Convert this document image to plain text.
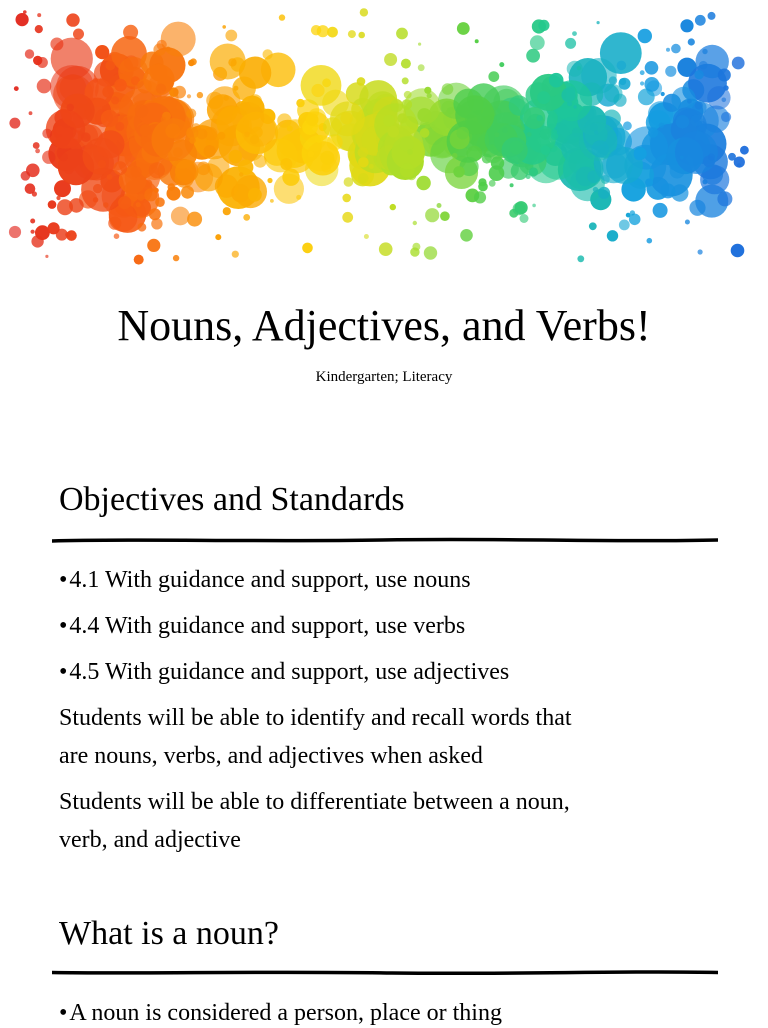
Nouns, Adjectives, and Verbs!

Kindergarten; Literacy

Objectives and Standards

•4.1 With guidance and support, use nouns

•4.4 With guidance and support, use verbs

•4.5 With guidance and support, use adjectives

Students will be able to identify and recall words that

are nouns, verbs, and adjectives when asked

Students will be able to differentiate between a noun,

verb, and adjective

What is a noun?

•A noun is considered a person, place or thing
